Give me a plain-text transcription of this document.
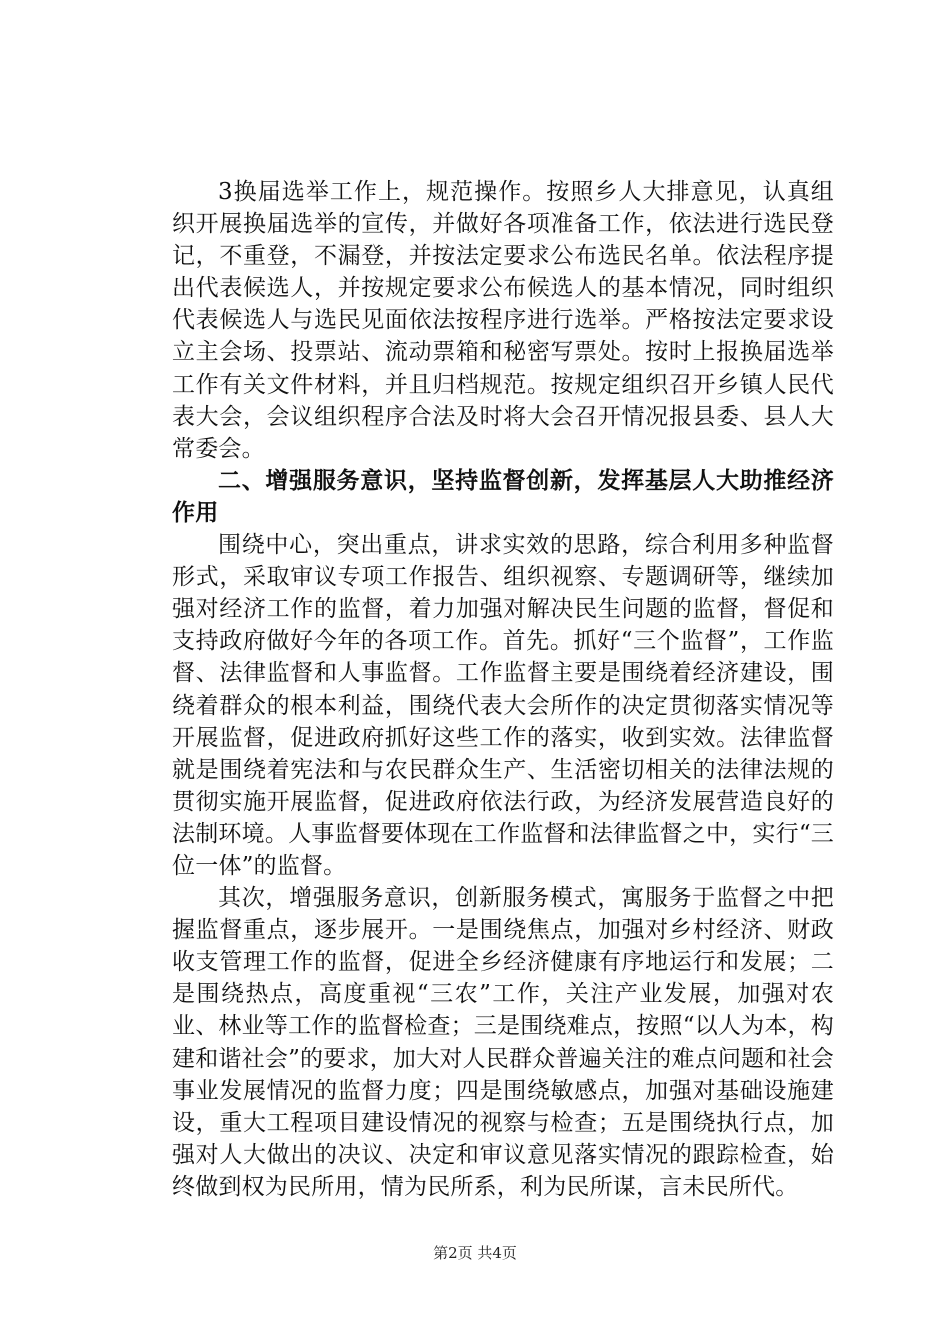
3换届选举工作上，规范操作。按照乡人大排意见，认真组织开展换届选举的宣传，并做好各项准备工作，依法进行选民登记，不重登，不漏登，并按法定要求公布选民名单。依法程序提出代表候选人，并按规定要求公布候选人的基本情况，同时组织代表候选人与选民见面依法按程序进行选举。严格按法定要求设立主会场、投票站、流动票箱和秘密写票处。按时上报换届选举工作有关文件材料，并且归档规范。按规定组织召开乡镇人民代表大会，会议组织程序合法及时将大会召开情况报县委、县人大常委会。

二、增强服务意识，坚持监督创新，发挥基层人大助推经济作用

围绕中心，突出重点，讲求实效的思路，综合利用多种监督形式，采取审议专项工作报告、组织视察、专题调研等，继续加强对经济工作的监督，着力加强对解决民生问题的监督，督促和支持政府做好今年的各项工作。首先。抓好“三个监督”，工作监督、法律监督和人事监督。工作监督主要是围绕着经济建设，围绕着群众的根本利益，围绕代表大会所作的决定贯彻落实情况等开展监督，促进政府抓好这些工作的落实，收到实效。法律监督就是围绕着宪法和与农民群众生产、生活密切相关的法律法规的贯彻实施开展监督，促进政府依法行政，为经济发展营造良好的法制环境。人事监督要体现在工作监督和法律监督之中，实行“三位一体”的监督。

其次，增强服务意识，创新服务模式，寓服务于监督之中把握监督重点，逐步展开。一是围绕焦点，加强对乡村经济、财政收支管理工作的监督，促进全乡经济健康有序地运行和发展；二是围绕热点，高度重视“三农”工作，关注产业发展，加强对农业、林业等工作的监督检查；三是围绕难点，按照“以人为本，构建和谐社会”的要求，加大对人民群众普遍关注的难点问题和社会事业发展情况的监督力度；四是围绕敏感点，加强对基础设施建设，重大工程项目建设情况的视察与检查；五是围绕执行点，加强对人大做出的决议、决定和审议意见落实情况的跟踪检查，始终做到权为民所用，情为民所系，利为民所谋，言未民所代。

第2页 共4页
